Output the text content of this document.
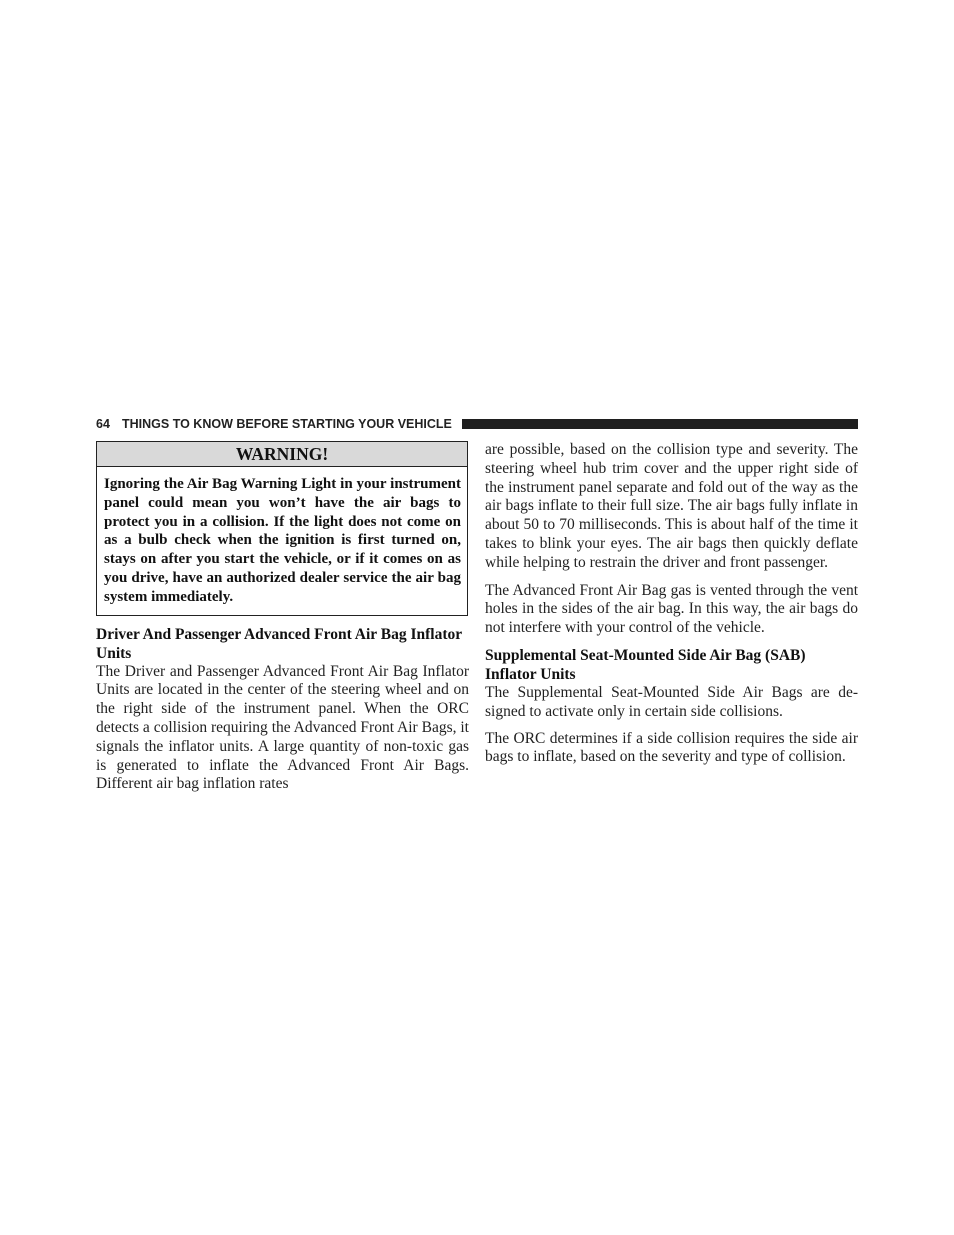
64 THINGS TO KNOW BEFORE STARTING YOUR VEHICLE
WARNING!
Ignoring the Air Bag Warning Light in your instrument panel could mean you won’t have the air bags to protect you in a collision. If the light does not come on as a bulb check when the ignition is first turned on, stays on after you start the vehicle, or if it comes on as you drive, have an authorized dealer service the air bag system immediately.
Driver And Passenger Advanced Front Air Bag Inflator Units

The Driver and Passenger Advanced Front Air Bag Inflator Units are located in the center of the steering wheel and on the right side of the instrument panel. When the ORC detects a collision requiring the Advanced Front Air Bags, it signals the inflator units. A large quantity of non-toxic gas is generated to inflate the Advanced Front Air Bags. Different air bag inflation rates

are possible, based on the collision type and severity. The steering wheel hub trim cover and the upper right side of the instrument panel separate and fold out of the way as the air bags inflate to their full size. The air bags fully inflate in about 50 to 70 milliseconds. This is about half of the time it takes to blink your eyes. The air bags then quickly deflate while helping to restrain the driver and front passenger.

The Advanced Front Air Bag gas is vented through the vent holes in the sides of the air bag. In this way, the air bags do not interfere with your control of the vehicle.

Supplemental Seat-Mounted Side Air Bag (SAB) Inflator Units

The Supplemental Seat-Mounted Side Air Bags are designed to activate only in certain side collisions.

The ORC determines if a side collision requires the side air bags to inflate, based on the severity and type of collision.
